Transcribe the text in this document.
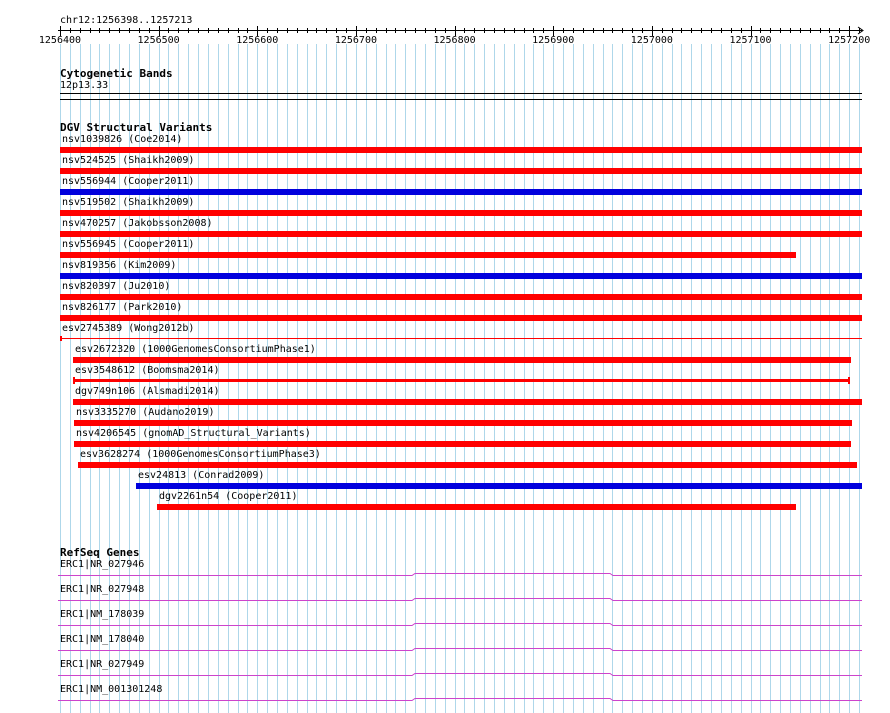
chr12:1256398..1257213
1256400	1256500	1256600	1256700	1256800	1256900	1257000	1257100	1257200
Cytogenetic Bands
12p13.33
DGV Structural Variants
nsv1039826 (Coe2014)
nsv524525 (Shaikh2009)
nsv556944 (Cooper2011)
nsv519502 (Shaikh2009)
nsv470257 (Jakobsson2008)
nsv556945 (Cooper2011)
nsv819356 (Kim2009)
nsv820397 (Ju2010)
nsv826177 (Park2010)
esv2745389 (Wong2012b)
esv2672320 (1000GenomesConsortiumPhase1)
esv3548612 (Boomsma2014)
dgv749n106 (Alsmadi2014)
nsv3335270 (Audano2019)
nsv4206545 (gnomAD_Structural_Variants)
esv3628274 (1000GenomesConsortiumPhase3)
esv24813 (Conrad2009)
dgv2261n54 (Cooper2011)
RefSeq Genes
ERC1|NR_027946
ERC1|NR_027948
ERC1|NM_178039
ERC1|NM_178040
ERC1|NR_027949
ERC1|NM_001301248
